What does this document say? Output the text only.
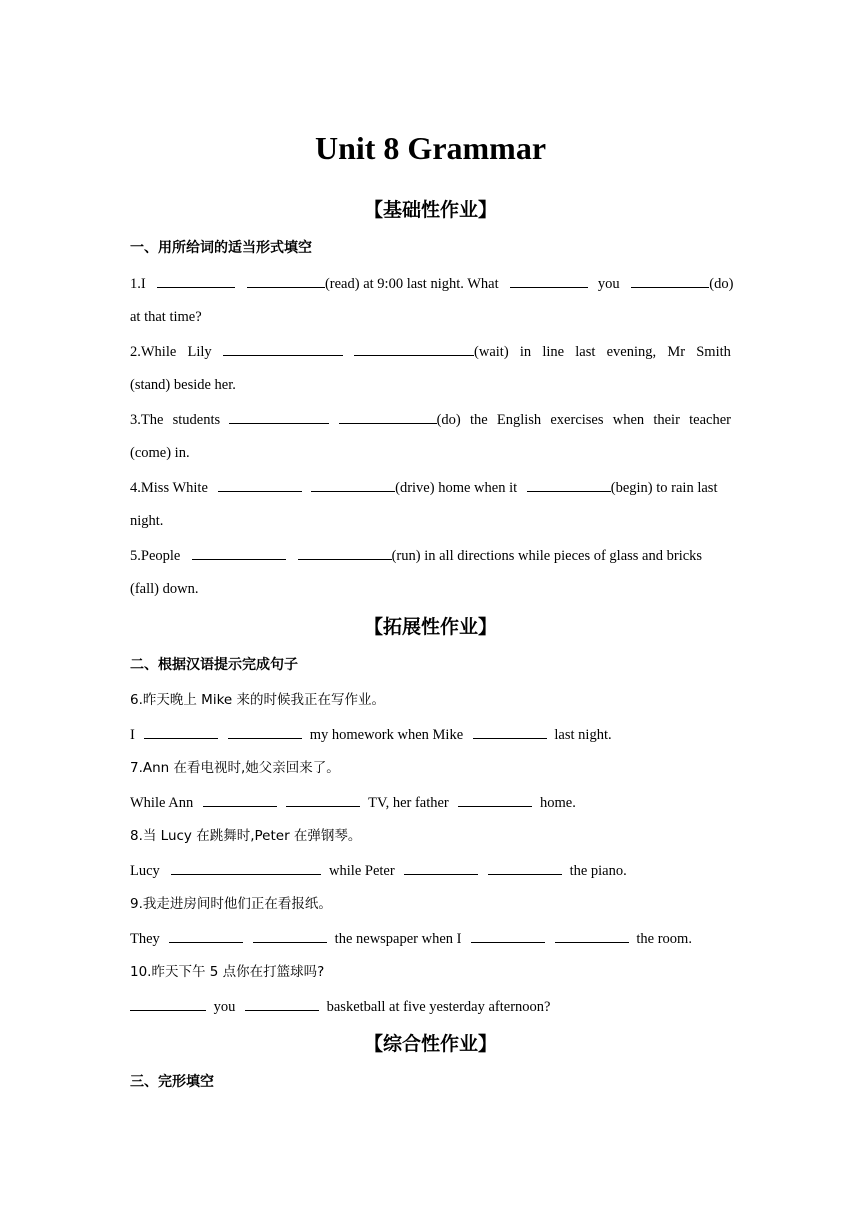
Unit 8 Grammar
【基础性作业】
一、用所给词的适当形式填空
1.I	(read) at 9:00 last night. What	you	(do)
at that time?
2.While Lily	(wait) in line last evening, Mr Smith
(stand) beside her.
3.The students	(do) the English exercises when their teacher
(come) in.
4.Miss White	(drive) home when it	(begin) to rain last
night.
5.People	(run) in all directions while pieces of glass and bricks
(fall) down.
【拓展性作业】
二、根据汉语提示完成句子
6.昨天晚上 Mike 来的时候我正在写作业。
I	my homework when Mike	last night.
7.Ann 在看电视时,她父亲回来了。
While Ann	TV, her father	home.
8.当 Lucy 在跳舞时,Peter 在弹钢琴。
Lucy	while Peter	the piano.
9.我走进房间时他们正在看报纸。
They	the newspaper when I	the room.
10.昨天下午 5 点你在打篮球吗?
you	basketball at five yesterday afternoon?
【综合性作业】
三、完形填空
